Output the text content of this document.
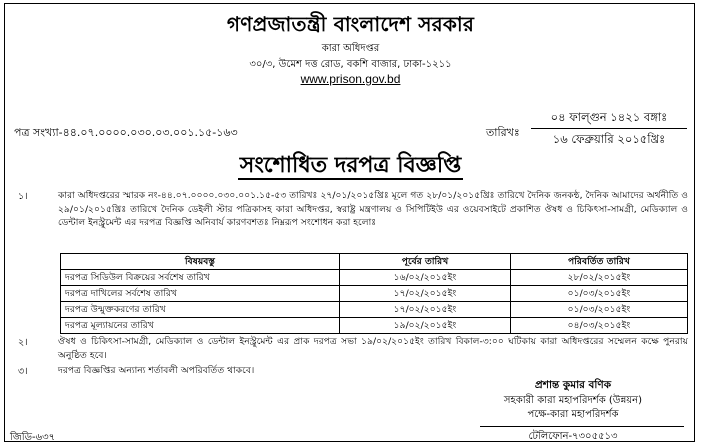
গণপ্রজাতন্ত্রী বাংলাদেশ সরকার
কারা অধিদপ্তর
৩০/৩, উমেশ দত্ত রোড, বকশি বাজার, ঢাকা-১২১১
www.prison.gov.bd
পত্র সংখ্যা-৪৪.০৭.০০০০.০৩০.০৩.০০১.১৫-১৬৩	তারিখঃ
০৪ ফাল্গুন ১৪২১ বঙ্গাঃ
১৬ ফেব্রুয়ারি ২০১৫খ্রিঃ
সংশোধিত দরপত্র বিজ্ঞপ্তি
১।	কারা অধিদপ্তরের স্মারক নং-৪৪.০৭.০০০০.০৩০.০০১.১৫-৫৩ তারিখঃ ২৭/০১/২০১৫খ্রিঃ মূলে গত ২৮/০১/২০১৫খ্রিঃ তারিখে দৈনিক জনকন্ঠ, দৈনিক আমাদের অর্থনীতি ও ২৯/০১/২০১৫খ্রিঃ তারিখে দৈনিক ডেইলী স্টার পত্রিকাসহ কারা অধিদপ্তর, স্বরাষ্ট্র মন্ত্রণালয় ও সিপিটিইউ এর ওয়েবসাইটে প্রকাশিত ঔষধ ও চিকিৎসা-সামগ্রী, মেডিক্যাল ও ডেন্টাল ইনস্ট্রুমেন্ট এর দরপত্র বিজ্ঞপ্তি অনিবার্য কারণবশতঃ নিম্নরূপ সংশোধন করা হলোঃ
বিষয়বস্তু	পূর্বের তারিখ	পরিবর্তিত তারিখ
দরপত্র সিডিউল বিক্রয়ের সর্বশেষ তারিখ	১৬/০২/২০১৫ইং	২৮/০২/২০১৫ইং
দরপত্র দাখিলের সর্বশেষ তারিখ	১৭/০২/২০১৫ইং	০১/০৩/২০১৫ইং
দরপত্র উন্মুক্তকরণের তারিখ	১৭/০২/২০১৫ইং	০১/০৩/২০১৫ইং
দরপত্র মূল্যায়নের তারিখ	১৯/০২/২০১৫ইং	০৪/০৩/২০১৫ইং
২।	ঔষধ ও চিকিৎসা-সামগ্রী, মেডিক্যাল ও ডেন্টাল ইনস্ট্রুমেন্ট এর প্রাক দরপত্র সভা ১৯/০২/২০১৫ইং তারিখ বিকাল-৩:০০ ঘটিকায় কারা অধিদপ্তরের সম্মেলন কক্ষে পুনরায় অনুষ্ঠিত হবে।
৩।	দরপত্র বিজ্ঞপ্তির অন্যান্য শর্তাবলী অপরিবর্তিত থাকবে।
প্রশান্ত কুমার বণিক
সহকারী কারা মহাপরিদর্শক (উন্নয়ন)
পক্ষে-কারা মহাপরিদর্শক
টেলিফোন-৭৩০৫৫১৩
জিডি-৬৩৭
